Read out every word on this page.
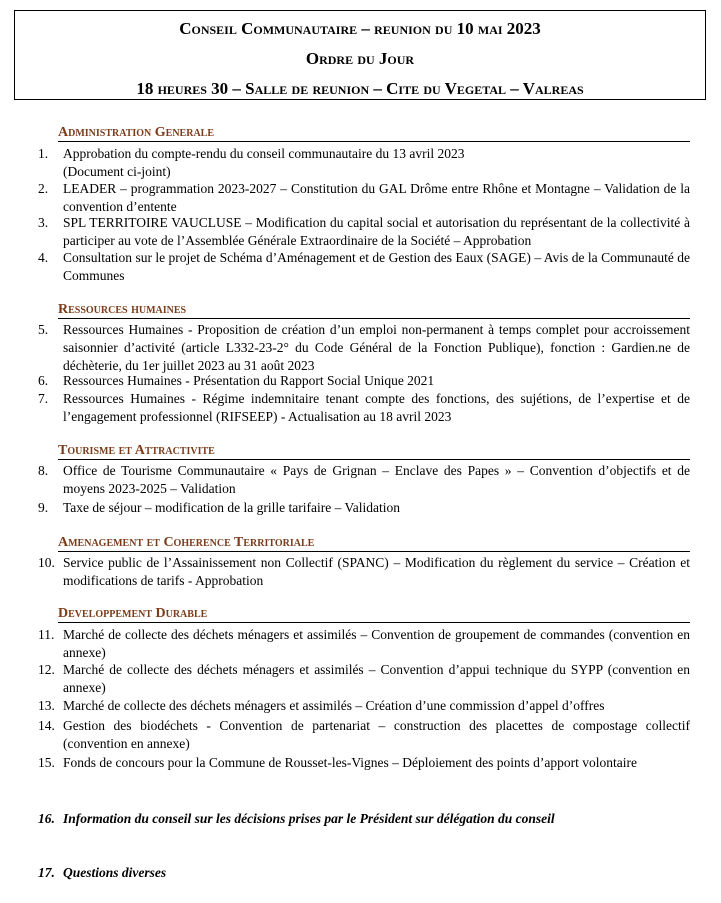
Conseil Communautaire – reunion du 10 mai 2023
Ordre du Jour
18 heures 30 – Salle de reunion – Cite du Vegetal – Valreas
Administration Generale
1.	Approbation du compte-rendu du conseil communautaire du 13 avril 2023
(Document ci-joint)
2.	LEADER – programmation 2023-2027 – Constitution du GAL Drôme entre Rhône et Montagne – Validation de la convention d’entente
3.	SPL TERRITOIRE VAUCLUSE – Modification du capital social et autorisation du représentant de la collectivité à participer au vote de l’Assemblée Générale Extraordinaire de la Société – Approbation
4.	Consultation sur le projet de Schéma d’Aménagement et de Gestion des Eaux (SAGE) – Avis de la Communauté de Communes
Ressources humaines
5.	Ressources Humaines - Proposition de création d’un emploi non-permanent à temps complet pour accroissement saisonnier d’activité (article L332-23-2° du Code Général de la Fonction Publique), fonction : Gardien.ne de déchèterie, du 1er juillet 2023 au 31 août 2023
6.	Ressources Humaines - Présentation du Rapport Social Unique 2021
7.	Ressources Humaines - Régime indemnitaire tenant compte des fonctions, des sujétions, de l’expertise et de l’engagement professionnel (RIFSEEP) - Actualisation au 18 avril 2023
Tourisme et Attractivite
8.	Office de Tourisme Communautaire « Pays de Grignan – Enclave des Papes » – Convention d’objectifs et de moyens 2023-2025 – Validation
9.	Taxe de séjour – modification de la grille tarifaire – Validation
Amenagement et Coherence Territoriale
10. Service public de l’Assainissement non Collectif (SPANC) – Modification du règlement du service – Création et modifications de tarifs - Approbation
Developpement Durable
11. Marché de collecte des déchets ménagers et assimilés – Convention de groupement de commandes (convention en annexe)
12. Marché de collecte des déchets ménagers et assimilés – Convention d’appui technique du SYPP (convention en annexe)
13. Marché de collecte des déchets ménagers et assimilés – Création d’une commission d’appel d’offres
14. Gestion des biodéchets - Convention de partenariat – construction des placettes de compostage collectif (convention en annexe)
15. Fonds de concours pour la Commune de Rousset-les-Vignes – Déploiement des points d’apport volontaire
16. Information du conseil sur les décisions prises par le Président sur délégation du conseil
17. Questions diverses
